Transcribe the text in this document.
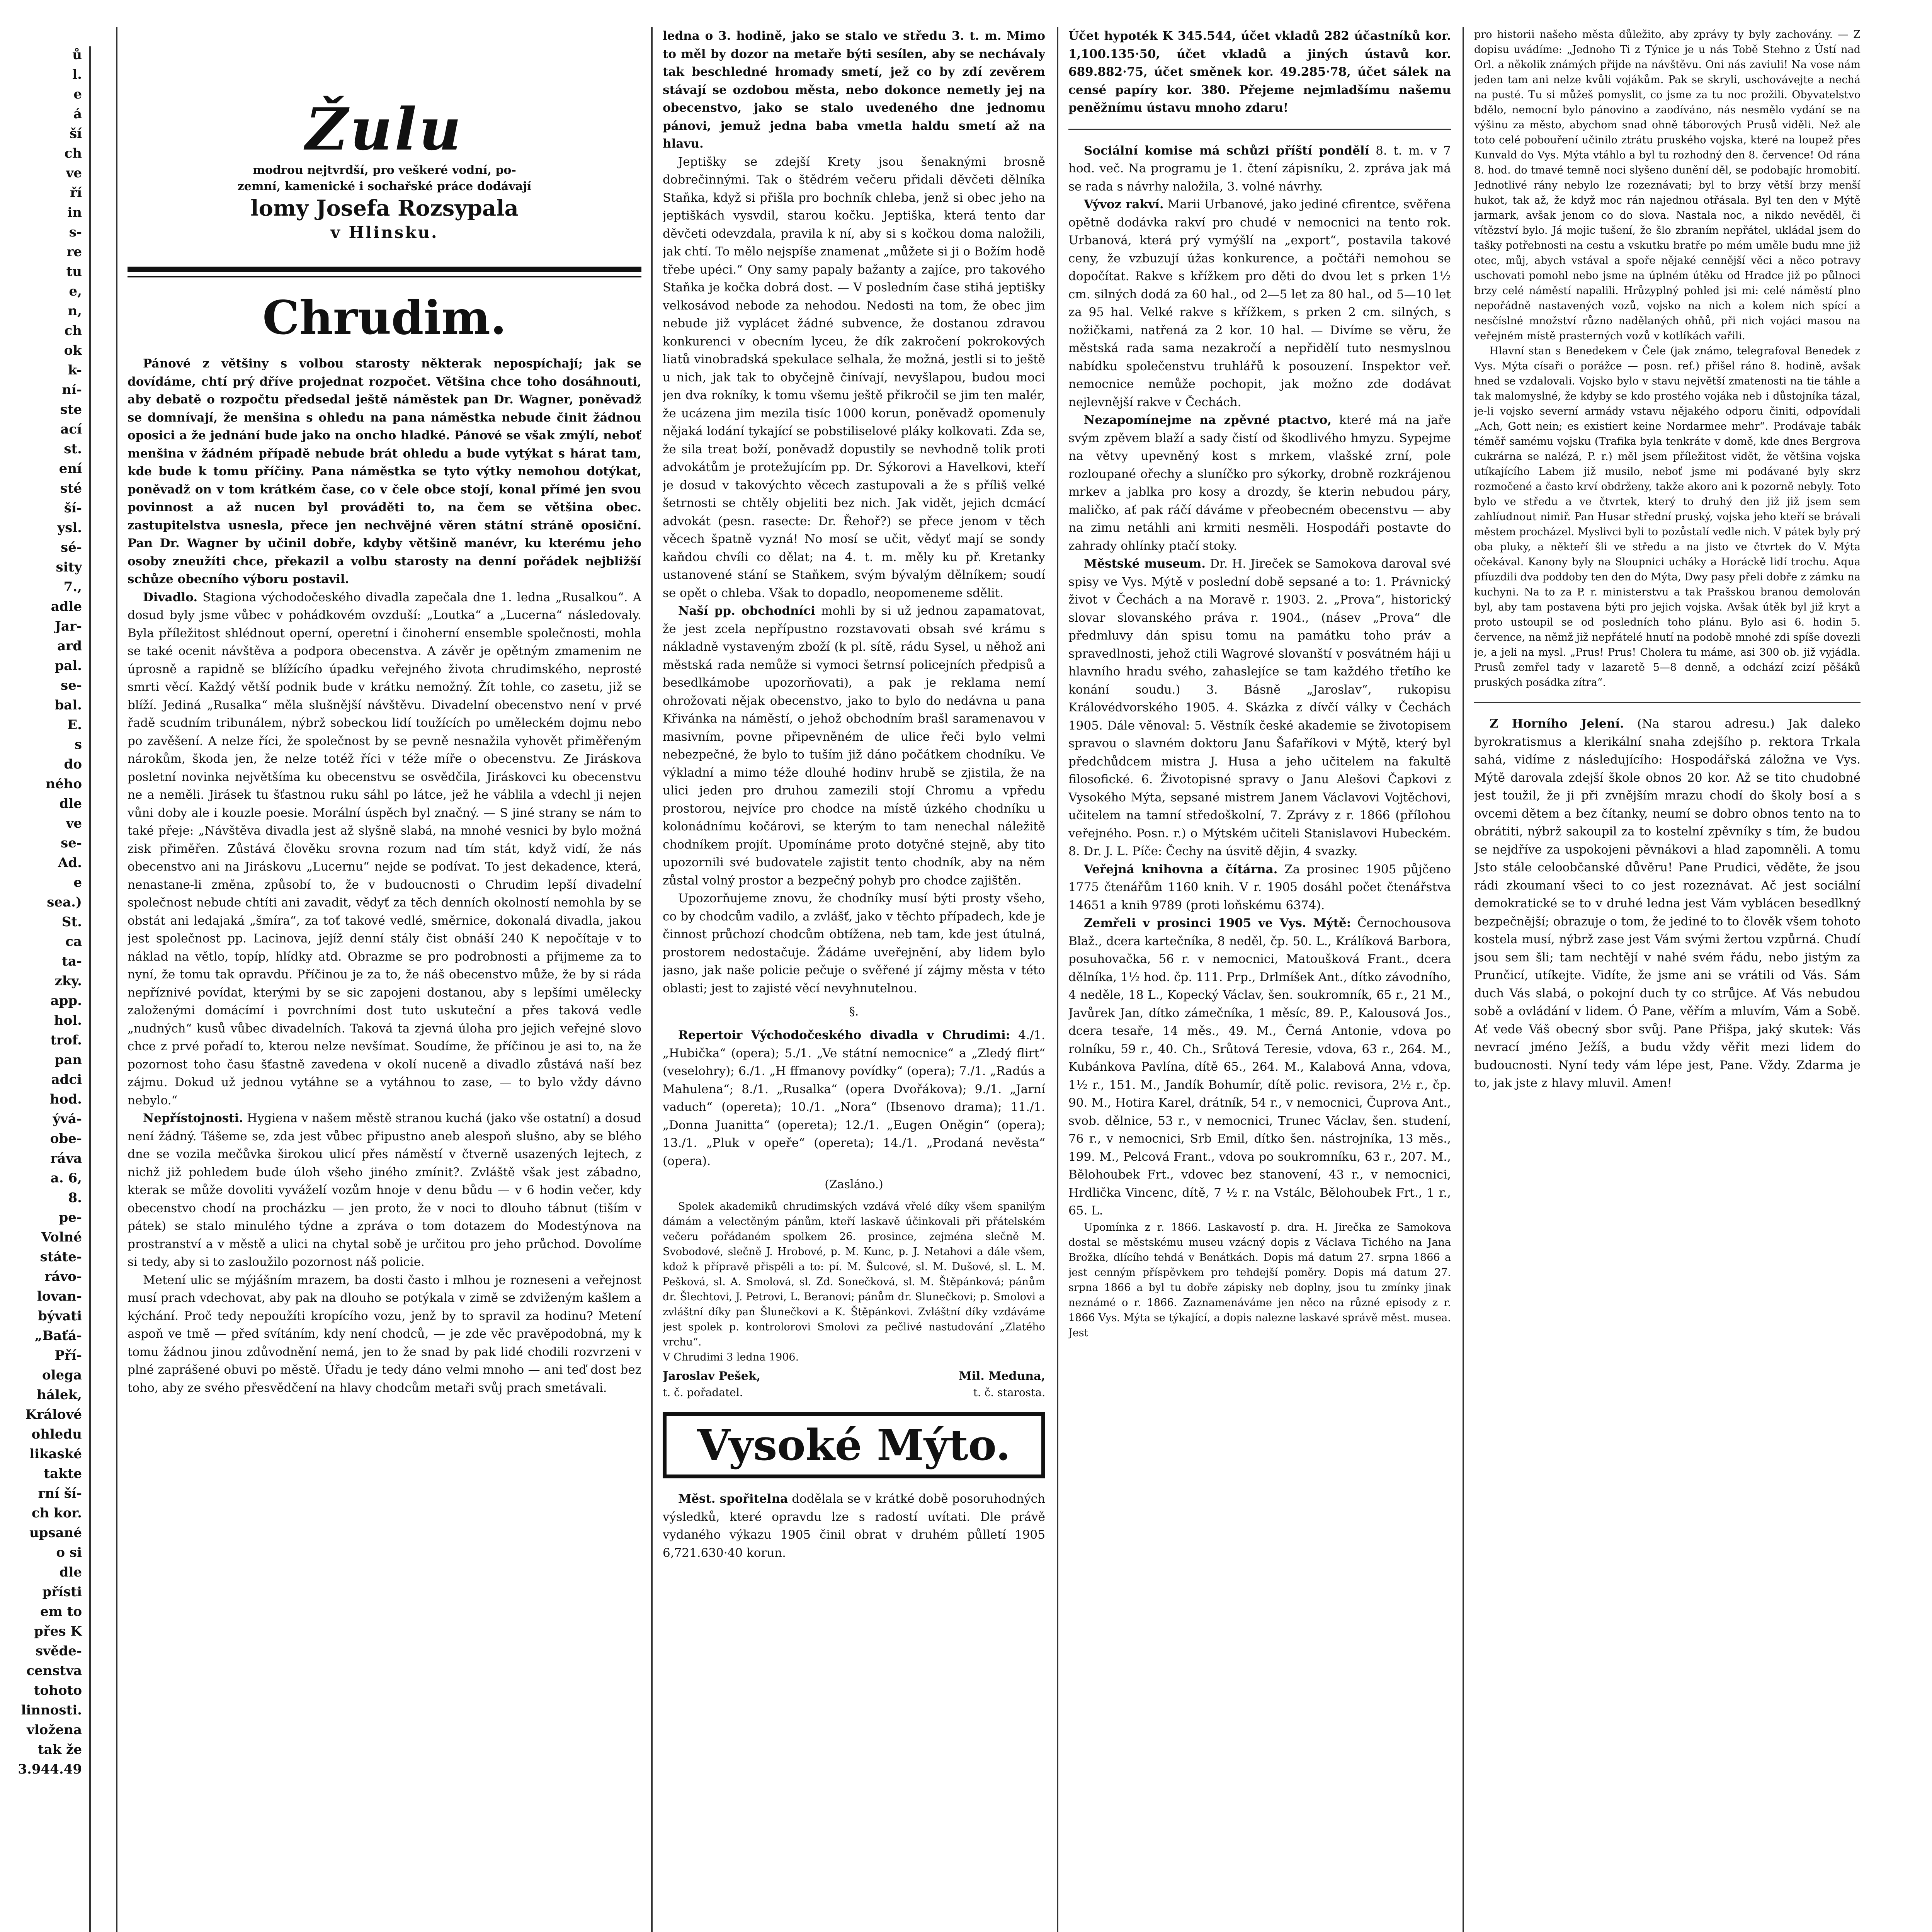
ů

l.

e

á

ší

ch

ve

ří

in

s-

re

tu

e,

n,

ch

ok

k-

ní-

ste

ací

st.

ení

sté

ší-

ysl.

sé-

sity

7.,

adle

Jar-

ard

pal.

se-

bal.

E.

s

do

ného

dle

ve

se-

Ad.

e

sea.)

St.

ca

ta-

zky.

app.

hol.

trof.

pan

adci

hod.

ývá-

obe-

ráva

a. 6,

8.

pe-

Volné

státe-

rávo-

lovan-

bývati

„Baťá-

Pří-

olega

hálek,

Králové

ohledu

likaské

takte

rní ší-

ch kor.

upsané

o si

dle

přísti

em to

přes K

svěde-

censtva

tohoto

linnosti.

vložena

tak že

3.944.49

Žulu
modrou nejtvrdší, pro veškeré vodní, po-
zemní, kamenické i sochařské práce dodávají
lomy Josefa Rozsypala
v Hlinsku.
Chrudim.

Pánové z většiny s volbou starosty některak nepospíchají; jak se dovídáme, chtí prý dříve projednat rozpočet. Většina chce toho dosáhnouti, aby debatě o rozpočtu předsedal ještě náměstek pan Dr. Wagner, poněvadž se domnívají, že menšina s ohledu na pana náměstka nebude činit žádnou oposici a že jednání bude jako na oncho hladké. Pánové se však zmýlí, neboť menšina v žádném případě nebude brát ohledu a bude vytýkat s hárat tam, kde bude k tomu příčiny. Pana náměstka se tyto výtky nemohou dotýkat, poněvadž on v tom krátkém čase, co v čele obce stojí, konal přímé jen svou povinnost a až nucen byl prováděti to, na čem se většina obec. zastupitelstva usnesla, přece jen nechvějné věren státní stráně oposiční. Pan Dr. Wagner by učinil dobře, kdyby většině manévr, ku kterému jeho osoby zneužíti chce, překazil a volbu starosty na denní pořádek nejbližší schůze obecního výboru postavil.

Divadlo. Stagiona východočeského divadla zapečala dne 1. ledna „Rusalkou“. A dosud byly jsme vůbec v pohádkovém ovzduší: „Loutka“ a „Lucerna“ následovaly. Byla příležitost shlédnout operní, operetní i činoherní ensemble společnosti, mohla se také ocenit návštěva a podpora obecenstva. A závěr je opětným zmamenim ne úprosně a rapidně se blížícího úpadku veřejného života chrudimského, neprosté smrti věcí. Každý větší podnik bude v krátku nemožný. Žít tohle, co zasetu, již se blíží. Jediná „Rusalka“ měla slušnější návštěvu. Divadelní obecenstvo není v prvé řadě scudním tribunálem, nýbrž sobeckou lidí toužících po uměleckém dojmu nebo po zavěšení. A nelze říci, že společnost by se pevně nesnažila vyhovět přiměřeným nárokům, škoda jen, že nelze totéž říci v téže míře o obecenstvu. Ze Jiráskova posletní novinka největšíma ku obecenstvu se osvědčila, Jiráskovci ku obecenstvu ne a neměli. Jirásek tu šťastnou ruku sáhl po látce, jež he váblila a vdechl ji nejen vůni doby ale i kouzle poesie. Morální úspěch byl značný. — S jiné strany se nám to také přeje: „Návštěva divadla jest až slyšně slabá, na mnohé vesnici by bylo možná zisk přiměřen. Zůstává člověku srovna rozum nad tím stát, když vidí, že nás obecenstvo ani na Jiráskovu „Lucernu“ nejde se podívat. To jest dekadence, která, nenastane-li změna, způsobí to, že v budoucnosti o Chrudim lepší divadelní společnost nebude chtíti ani zavadit, vědyť za těch denních okolností nemohla by se obstát ani ledajaká „šmíra“, za toť takové vedlé, směrnice, dokonalá divadla, jakou jest společnost pp. Lacinova, jejíž denní stály čist obnáší 240 K nepočítaje v to náklad na větlo, topíp, hlídky atd. Obrazme se pro podrobnosti a přijmeme za to nyní, že tomu tak opravdu. Příčinou je za to, že náš obecenstvo může, že by si ráda nepříznivé povídat, kterými by se sic zapojeni dostanou, aby s lepšími umělecky založenými domácímí i povrchními dost tuto uskuteční a přes taková vedle „nudných“ kusů vůbec divadelních. Taková ta zjevná úloha pro jejich veřejné slovo chce z prvé pořadí to, kterou nelze nevšímat. Soudíme, že příčinou je asi to, na že pozornost toho času šťastně zavedena v okolí nuceně a divadlo zůstává naší bez zájmu. Dokud už jednou vytáhne se a vytáhnou to zase, — to bylo vždy dávno nebylo.“

Nepřístojnosti. Hygiena v našem městě stranou kuchá (jako vše ostatní) a dosud není žádný. Tášeme se, zda jest vůbec připustno aneb alespoň slušno, aby se blého dne se vozila mečůvka širokou ulicí přes náměstí v čtverně usazených lejtech, z nichž již pohledem bude úloh všeho jiného zmínit?. Zvláště však jest zábadno, kterak se může dovoliti vyváželí vozům hnoje v denu bůdu — v 6 hodin večer, kdy obecenstvo chodí na procházku — jen proto, že v noci to dlouho tábnut (tiším v pátek) se stalo minulého týdne a zpráva o tom dotazem do Modestýnova na prostranství a v městě a ulici na chytal sobě je určitou pro jeho průchod. Dovolíme si tedy, aby si to zasloužilo pozornost náš policie.

Metení ulic se mýjášním mrazem, ba dosti často i mlhou je rozneseni a veřejnost musí prach vdechovat, aby pak na dlouho se potýkala v zimě se zdviženým kašlem a kýchání. Proč tedy nepoužíti kropícího vozu, jenž by to spravil za hodinu? Metení aspoň ve tmě — před svítáním, kdy není chodců, — je zde věc pravěpodobná, my k tomu žádnou jinou zdůvodnění nemá, jen to že snad by pak lidé chodili rozvrzeni v plné zaprášené obuvi po městě. Úřadu je tedy dáno velmi mnoho — ani teď dost bez toho, aby ze svého přesvědčení na hlavy chodcům metaři svůj prach smetávali.

ledna o 3. hodině, jako se stalo ve středu 3. t. m. Mimo to měl by dozor na metaře býti sesílen, aby se nechávaly tak beschledné hromady smetí, jež co by zdí zevěrem stávají se ozdobou města, nebo dokonce nemetly jej na obecenstvo, jako se stalo uvedeného dne jednomu pánovi, jemuž jedna baba vmetla haldu smetí až na hlavu.

Jeptišky se zdejší Krety jsou šenaknými brosně dobrečinnými. Tak o štědrém večeru přidali děvčeti dělníka Staňka, když si přišla pro bochník chleba, jenž si obec jeho na jeptiškách vysvdil, starou kočku. Jeptiška, která tento dar děvčeti odevzdala, pravila k ní, aby si s kočkou doma naložili, jak chtí. To mělo nejspíše znamenat „můžete si ji o Božím hodě třebe upéci.“ Ony samy papaly bažanty a zajíce, pro takového Staňka je kočka dobrá dost. — V posledním čase stihá jeptišky velkosávod nebode za nehodou. Nedosti na tom, že obec jim nebude již vyplácet žádné subvence, že dostanou zdravou konkurenci v obecním lyceu, že dík zakročení pokrokových liatů vinobradská spekulace selhala, že možná, jestli si to ještě u nich, jak tak to obyčejně činívají, nevyšlapou, budou moci jen dva rokníky, k tomu všemu ještě přikročil se jim ten malér, že ucázena jim mezila tisíc 1000 korun, poněvadž opomenuly nějaká lodání tykající se pobstiliselové pláky kolkovati. Zda se, že sila treat boží, poněvadž dopustily se nevhodně tolik proti advokátům je protežujícím pp. Dr. Sýkorovi a Havelkovi, kteří je dosud v takovýchto věcech zastupovali a že s příliš velké šetrnosti se chtěly objeliti bez nich. Jak vidět, jejich dcmácí advokát (pesn. rasecte: Dr. Řehoř?) se přece jenom v těch věcech špatně vyzná! No mosí se učit, vědyť mají se sondy kaňdou chvíli co dělat; na 4. t. m. měly ku př. Kretanky ustanovené stání se Staňkem, svým bývalým dělníkem; soudí se opět o chleba. Však to dopadlo, neopomeneme sdělit.

Naší pp. obchodníci mohli by si už jednou zapamatovat, že jest zcela nepřípustno rozstavovati obsah své krámu s nákladně vystaveným zboží (k pl. sítě, rádu Sysel, u něhož ani městská rada nemůže si vymoci šetrnsí policejních předpisů a besedlkámobe upozorňovati), a pak je reklama nemí ohrožovati nějak obecenstvo, jako to bylo do nedávna u pana Křivánka na náměstí, o jehož obchodním brašl saramenavou v masivním, povne připevněném de ulice řeči bylo velmi nebezpečné, že bylo to tuším již dáno počátkem chodníku. Ve výkladní a mimo téže dlouhé hodinv hrubě se zjistila, že na ulici jeden pro druhou zamezili stojí Chromu a vpředu prostorou, nejvíce pro chodce na místě úzkého chodníku u kolonádnímu kočárovi, se kterým to tam nenechal náležitě chodníkem projít. Upomínáme proto dotyčné stejně, aby tito upozornili své budovatele zajistit tento chodník, aby na něm zůstal volný prostor a bezpečný pohyb pro chodce zajištěn.

Upozorňujeme znovu, že chodníky musí býti prosty všeho, co by chodcům vadilo, a zvlášť, jako v těchto případech, kde je činnost průchozí chodcům obtížena, neb tam, kde jest útulná, prostorem nedostačuje. Žádáme uveřejnění, aby lidem bylo jasno, jak naše policie pečuje o svěřené jí zájmy města v této oblasti; jest to zajisté věcí nevyhnutelnou.

§.

Repertoir Východočeského divadla v Chrudimi: 4./1. „Hubička“ (opera); 5./1. „Ve státní nemocnice“ a „Zledý flirt“ (veselohry); 6./1. „H ffmanovy povídky“ (opera); 7./1. „Radús a Mahulena“; 8./1. „Rusalka“ (opera Dvořákova); 9./1. „Jarní vaduch“ (opereta); 10./1. „Nora“ (Ibsenovo drama); 11./1. „Donna Juanitta“ (opereta); 12./1. „Eugen Oněgin“ (opera); 13./1. „Pluk v opeře“ (opereta); 14./1. „Prodaná nevěsta“ (opera).

(Zasláno.)

Spolek akademiků chrudimských vzdává vřelé díky všem spanilým dámám a velectěným pánům, kteří laskavě účinkovali při přátelském večeru pořádaném spolkem 26. prosince, zejména slečně M. Svobodové, slečně J. Hrobové, p. M. Kunc, p. J. Netahovi a dále všem, kdož k přípravě přispěli a to: pí. M. Šulcové, sl. M. Dušové, sl. L. M. Pešková, sl. A. Smolová, sl. Zd. Sonečková, sl. M. Štěpánková; pánům dr. Šlechtovi, J. Petrovi, L. Beranovi; pánům dr. Slunečkovi; p. Smolovi a zvláštní díky pan Šlunečkovi a K. Štěpánkovi. Zvláštní díky vzdáváme jest spolek p. kontrolorovi Smolovi za pečlivé nastudování „Zlatého vrchu“.

V Chrudimi 3 ledna 1906.

Jaroslav Pešek,	Mil. Meduna,
t. č. pořadatel.	t. č. starosta.
Vysoké Mýto.

Měst. spořitelna dodělala se v krátké době posoruhodných výsledků, které opravdu lze s radostí uvítati. Dle právě vydaného výkazu 1905 činil obrat v druhém půlletí 1905 6,721.630·40 korun.

Účet hypoték K 345.544, účet vkladů 282 účastníků kor. 1,100.135·50, účet vkladů a jiných ústavů kor. 689.882·75, účet směnek kor. 49.285·78, účet sálek na censé papíry kor. 380. Přejeme nejmladšímu našemu peněžnímu ústavu mnoho zdaru!

Sociální komise má schůzi příští pondělí 8. t. m. v 7 hod. več. Na programu je 1. čtení zápisníku, 2. zpráva jak má se rada s návrhy naložila, 3. volné návrhy.

Vývoz rakví. Marii Urbanové, jako jediné cfirentce, svěřena opětně dodávka rakví pro chudé v nemocnici na tento rok. Urbanová, která prý vymýšlí na „export“, postavila takové ceny, že vzbuzují úžas konkurence, a počtáři nemohou se dopočítat. Rakve s křížkem pro děti do dvou let s prken 1½ cm. silných dodá za 60 hal., od 2—5 let za 80 hal., od 5—10 let za 95 hal. Velké rakve s křížkem, s prken 2 cm. silných, s nožičkami, natřená za 2 kor. 10 hal. — Divíme se věru, že městská rada sama nezakročí a nepřidělí tuto nesmyslnou nabídku společenstvu truhlářů k posouzení. Inspektor veř. nemocnice nemůže pochopit, jak možno zde dodávat nejlevnější rakve v Čechách.

Nezapomínejme na zpěvné ptactvo, které má na jaře svým zpěvem blaží a sady čistí od škodlivého hmyzu. Sypejme na větvy upevněný kost s mrkem, vlašské zrní, pole rozloupané ořechy a sluníčko pro sýkorky, drobně rozkrájenou mrkev a jablka pro kosy a drozdy, še kterin nebudou páry, maličko, ať pak ráčí dáváme v přeobecném obecenstvu — aby na zimu netáhli ani krmiti nesměli. Hospodáři postavte do zahrady ohlínky ptačí stoky.

Městské museum. Dr. H. Jireček se Samokova daroval své spisy ve Vys. Mýtě v poslední době sepsané a to: 1. Právnický život v Čechách a na Moravě r. 1903. 2. „Prova“, historický slovar slovanského práva r. 1904., (násev „Prova“ dle předmluvy dán spisu tomu na památku toho práv a spravedlnosti, jehož ctili Wagrové slovanští v posvátném háji u hlavního hradu svého, zahaslejíce se tam každého třetího ke konání soudu.) 3. Básně „Jaroslav“, rukopisu Královédvorského 1905. 4. Skázka z dívčí války v Čechách 1905. Dále věnoval: 5. Věstník české akademie se životopisem spravou o slavném doktoru Janu Šafaříkovi v Mýtě, který byl předchůdcem mistra J. Husa a jeho učitelem na fakultě filosofické. 6. Životopisné spravy o Janu Alešovi Čapkovi z Vysokého Mýta, sepsané mistrem Janem Václavovi Vojtěchovi, učitelem na tamní středoškolní, 7. Zprávy z r. 1866 (přílohou veřejného. Posn. r.) o Mýtském učiteli Stanislavovi Hubeckém. 8. Dr. J. L. Píče: Čechy na úsvitě dějin, 4 svazky.

Veřejná knihovna a čítárna. Za prosinec 1905 půjčeno 1775 čtenářům 1160 knih. V r. 1905 dosáhl počet čtenářstva 14651 a knih 9789 (proti loňskému 6374).

Zemřeli v prosinci 1905 ve Vys. Mýtě: Černochousova Blaž., dcera kartečníka, 8 neděl, čp. 50. L., Králíková Barbora, posuhovačka, 56 r. v nemocnici, Matoušková Frant., dcera dělníka, 1½ hod. čp. 111. Prp., Drlmíšek Ant., dítko závodního, 4 neděle, 18 L., Kopecký Václav, šen. soukromník, 65 r., 21 M., Javůrek Jan, dítko zámečníka, 1 měsíc, 89. P., Kalousová Jos., dcera tesaře, 14 měs., 49. M., Černá Antonie, vdova po rolníku, 59 r., 40. Ch., Srůtová Teresie, vdova, 63 r., 264. M., Kubánkova Pavlína, dítě 65., 264. M., Kalabová Anna, vdova, 1½ r., 151. M., Jandík Bohumír, dítě polic. revisora, 2½ r., čp. 90. M., Hotira Karel, drátník, 54 r., v nemocnici, Čuprova Ant., svob. dělnice, 53 r., v nemocnici, Trunec Václav, šen. studení, 76 r., v nemocnici, Srb Emil, dítko šen. nástrojníka, 13 měs., 199. M., Pelcová Frant., vdova po soukromníku, 63 r., 207. M., Bělohoubek Frt., vdovec bez stanovení, 43 r., v nemocnici, Hrdlička Vincenc, dítě, 7 ½ r. na Vstálc, Bělohoubek Frt., 1 r., 65. L.

Upomínka z r. 1866. Laskavostí p. dra. H. Jirečka ze Samokova dostal se městskému museu vzácný dopis z Václava Tichého na Jana Brožka, dlícího tehdá v Benátkách. Dopis má datum 27. srpna 1866 a jest cenným příspěvkem pro tehdejší poměry. Dopis má datum 27. srpna 1866 a byl tu dobře zápisky neb doplny, jsou tu zmínky jinak neznámé o r. 1866. Zaznamenáváme jen něco na různé episody z r. 1866 Vys. Mýta se týkající, a dopis nalezne laskavé správě měst. musea. Jest

pro historii našeho města důležito, aby zprávy ty byly zachovány. — Z dopisu uvádíme: „Jednoho Ti z Týnice je u nás Tobě Stehno z Ústí nad Orl. a několik známých přijde na návštěvu. Oni nás zaviuli! Na vose nám jeden tam ani nelze kvůli vojákům. Pak se skryli, uschovávejte a nechá na pusté. Tu si můžeš pomyslit, co jsme za tu noc prožili. Obyvatelstvo bdělo, nemocní bylo pánovino a zaodíváno, nás nesmělo vydání se na výšinu za město, abychom snad ohně táborových Prusů viděli. Než ale toto celé pobouření učinilo ztrátu pruského vojska, které na loupež přes Kunvald do Vys. Mýta vtáhlo a byl tu rozhodný den 8. července! Od rána 8. hod. do tmavé temně noci slyšeno dunění děl, se podobajíc hromobití. Jednotlivé rány nebylo lze rozeznávati; byl to brzy větší brzy menší hukot, tak až, že když moc rán najednou otřásala. Byl ten den v Mýtě jarmark, avšak jenom co do slova. Nastala noc, a nikdo nevěděl, či vítězství bylo. Já mojic tušení, že šlo zbraním nepřátel, ukládal jsem do tašky potřebnosti na cestu a vskutku bratře po mém uměle budu mne již otec, můj, abych vstával a spoře nějaké cennější věci a něco potravy uschovati pomohl nebo jsme na úplném útěku od Hradce již po půlnoci brzy celé náměstí napalili. Hrůzyplný pohled jsi mi: celé náměstí plno nepořádně nastavených vozů, vojsko na nich a kolem nich spící a nesčíslné množství různo nadělaných ohňů, při nich vojáci masou na veřejném místě prasterných vozů v kotlíkách vařili.

Hlavní stan s Benedekem v Čele (jak známo, telegrafoval Benedek z Vys. Mýta císaři o porážce — posn. ref.) přišel ráno 8. hodině, avšak hned se vzdalovali. Vojsko bylo v stavu největší zmatenosti na tie táhle a tak malomyslné, že kdyby se kdo prostého vojáka neb i důstojníka tázal, je-li vojsko severní armády vstavu nějakého odporu činiti, odpovídali „Ach, Gott nein; es existiert keine Nordarmee mehr“. Prodávaje tabák téměř samému vojsku (Trafika byla tenkráte v domě, kde dnes Bergrova cukrárna se nalézá, P. r.) měl jsem příležitost vidět, že většina vojska utíkajícího Labem již musilo, neboť jsme mi podávané byly skrz rozmočené a často krví obdrženy, takže akoro ani k pozorně nebyly. Toto bylo ve středu a ve čtvrtek, který to druhý den již již jsem sem zahlíudnout nimiř. Pan Husar střední pruský, vojska jeho kteří se brávali městem procházel. Myslivci byli to pozůstalí vedle nich. V pátek byly prý oba pluky, a někteří šli ve středu a na jisto ve čtvrtek do V. Mýta očekával. Kanony byly na Sloupnici ucháky a Horáckě lidí trochu. Aqua pfíuzdili dva poddoby ten den do Mýta, Dwy pasy přeli dobře z zámku na kuchyni. Na to za P. r. ministerstvu a tak Prašskou branou demolován byl, aby tam postavena býti pro jejich vojska. Avšak útěk byl již kryt a proto ustoupil se od posledních toho plánu. Bylo asi 6. hodin 5. července, na němž již nepřátelé hnutí na podobě mnohé zdi spíše dovezli je, a jeli na mysl. „Prus! Prus! Cholera tu máme, asi 300 ob. již vyjádla. Prusů zemřel tady v lazaretě 5—8 denně, a odchází zcizí pěšáků pruských posádka zítra“.

Z Horního Jelení. (Na starou adresu.) Jak daleko byrokratismus a klerikální snaha zdejšího p. rektora Trkala sahá, vidíme z následujícího: Hospodářská záložna ve Vys. Mýtě darovala zdejší škole obnos 20 kor. Až se tito chudobné jest toužil, že ji při zvnějším mrazu chodí do školy bosí a s ovcemi dětem a bez čítanky, neumí se dobro obnos tento na to obrátiti, nýbrž sakoupil za to kostelní zpěvníky s tím, že budou se nejdříve za uspokojeni pěvnákovi a hlad zapomněli. A tomu Jsto stále celoobčanské důvěru! Pane Prudici, věděte, že jsou rádi zkoumaní všeci to co jest rozeznávat. Ač jest sociální demokratické se to v druhé ledna jest Vám vyblácen besedlkný bezpečnější; obrazuje o tom, že jediné to to člověk všem tohoto kostela musí, nýbrž zase jest Vám svými žertou vzpůrná. Chudí jsou sem šli; tam nechtějí v nahé svém řádu, nebo jistým za Prunčicí, utíkejte. Vidíte, že jsme ani se vrátili od Vás. Sám duch Vás slabá, o pokojní duch ty co strůjce. Ať Vás nebudou sobě a ovládání v lidem. Ó Pane, věřím a mluvím, Vám a Sobě. Ať vede Váš obecný sbor svůj. Pane Přišpa, jaký skutek: Vás nevrací jméno Ježíš, a budu vždy věřit mezi lidem do budoucnosti. Nyní tedy vám lépe jest, Pane. Vždy. Zdarma je to, jak jste z hlavy mluvil. Amen!
